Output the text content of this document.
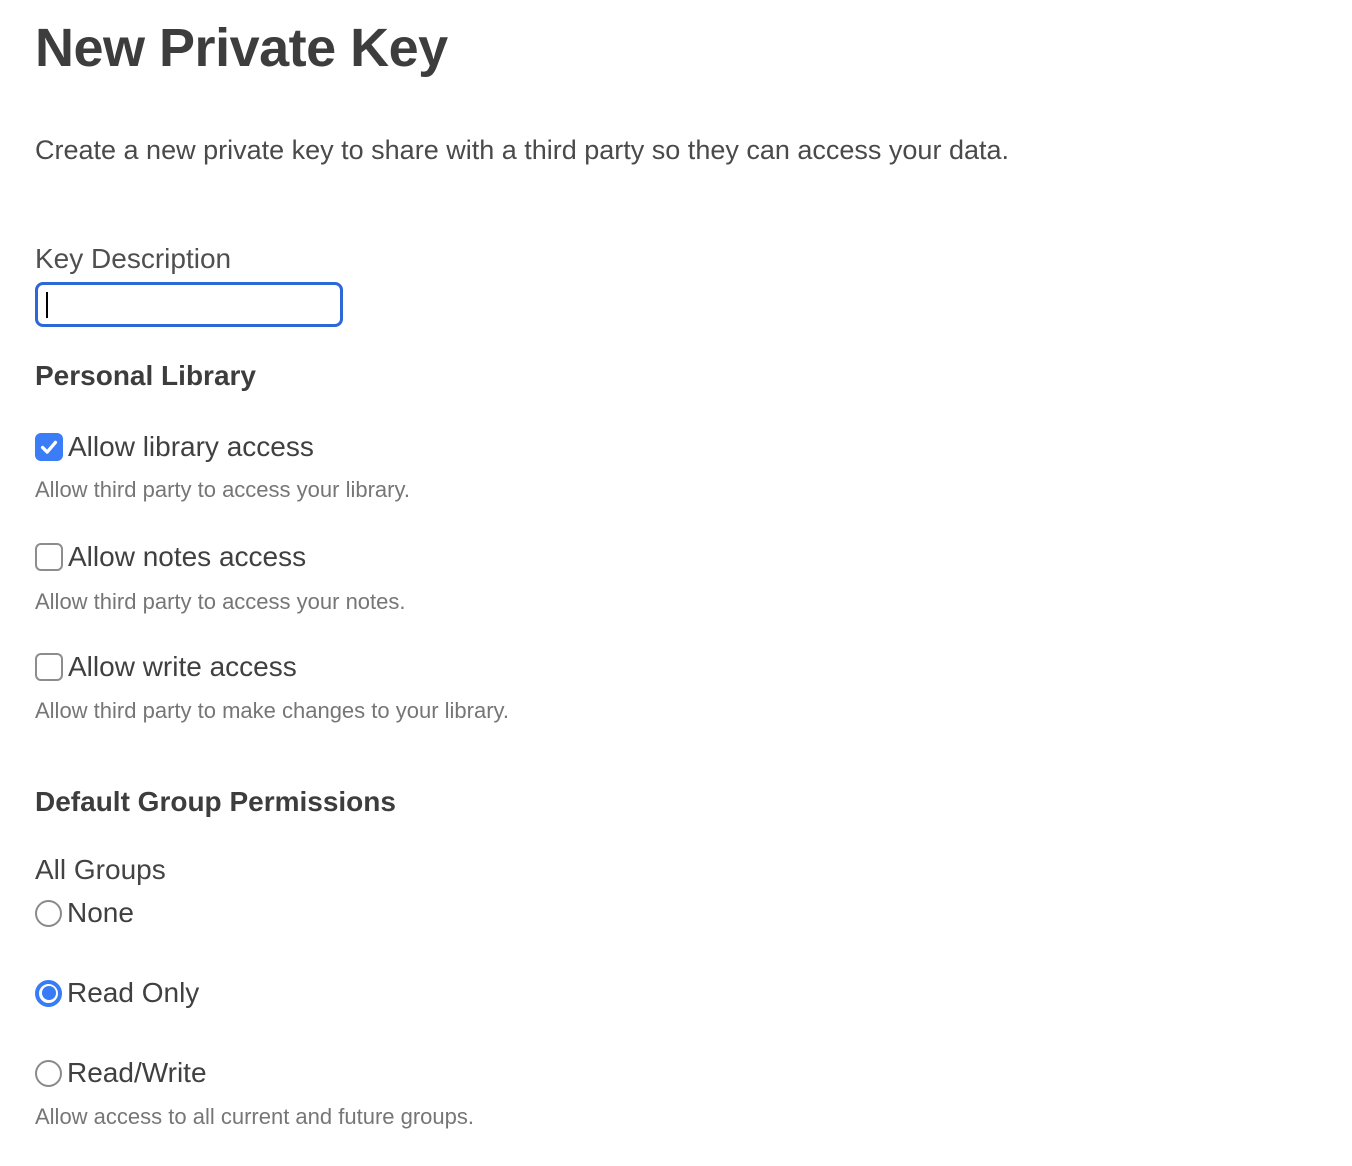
New Private Key

Create a new private key to share with a third party so they can access your data.

Key Description
Personal Library
Allow library access

Allow third party to access your library.

Allow notes access

Allow third party to access your notes.

Allow write access

Allow third party to make changes to your library.

Default Group Permissions
All Groups
None
Read Only
Read/Write

Allow access to all current and future groups.
